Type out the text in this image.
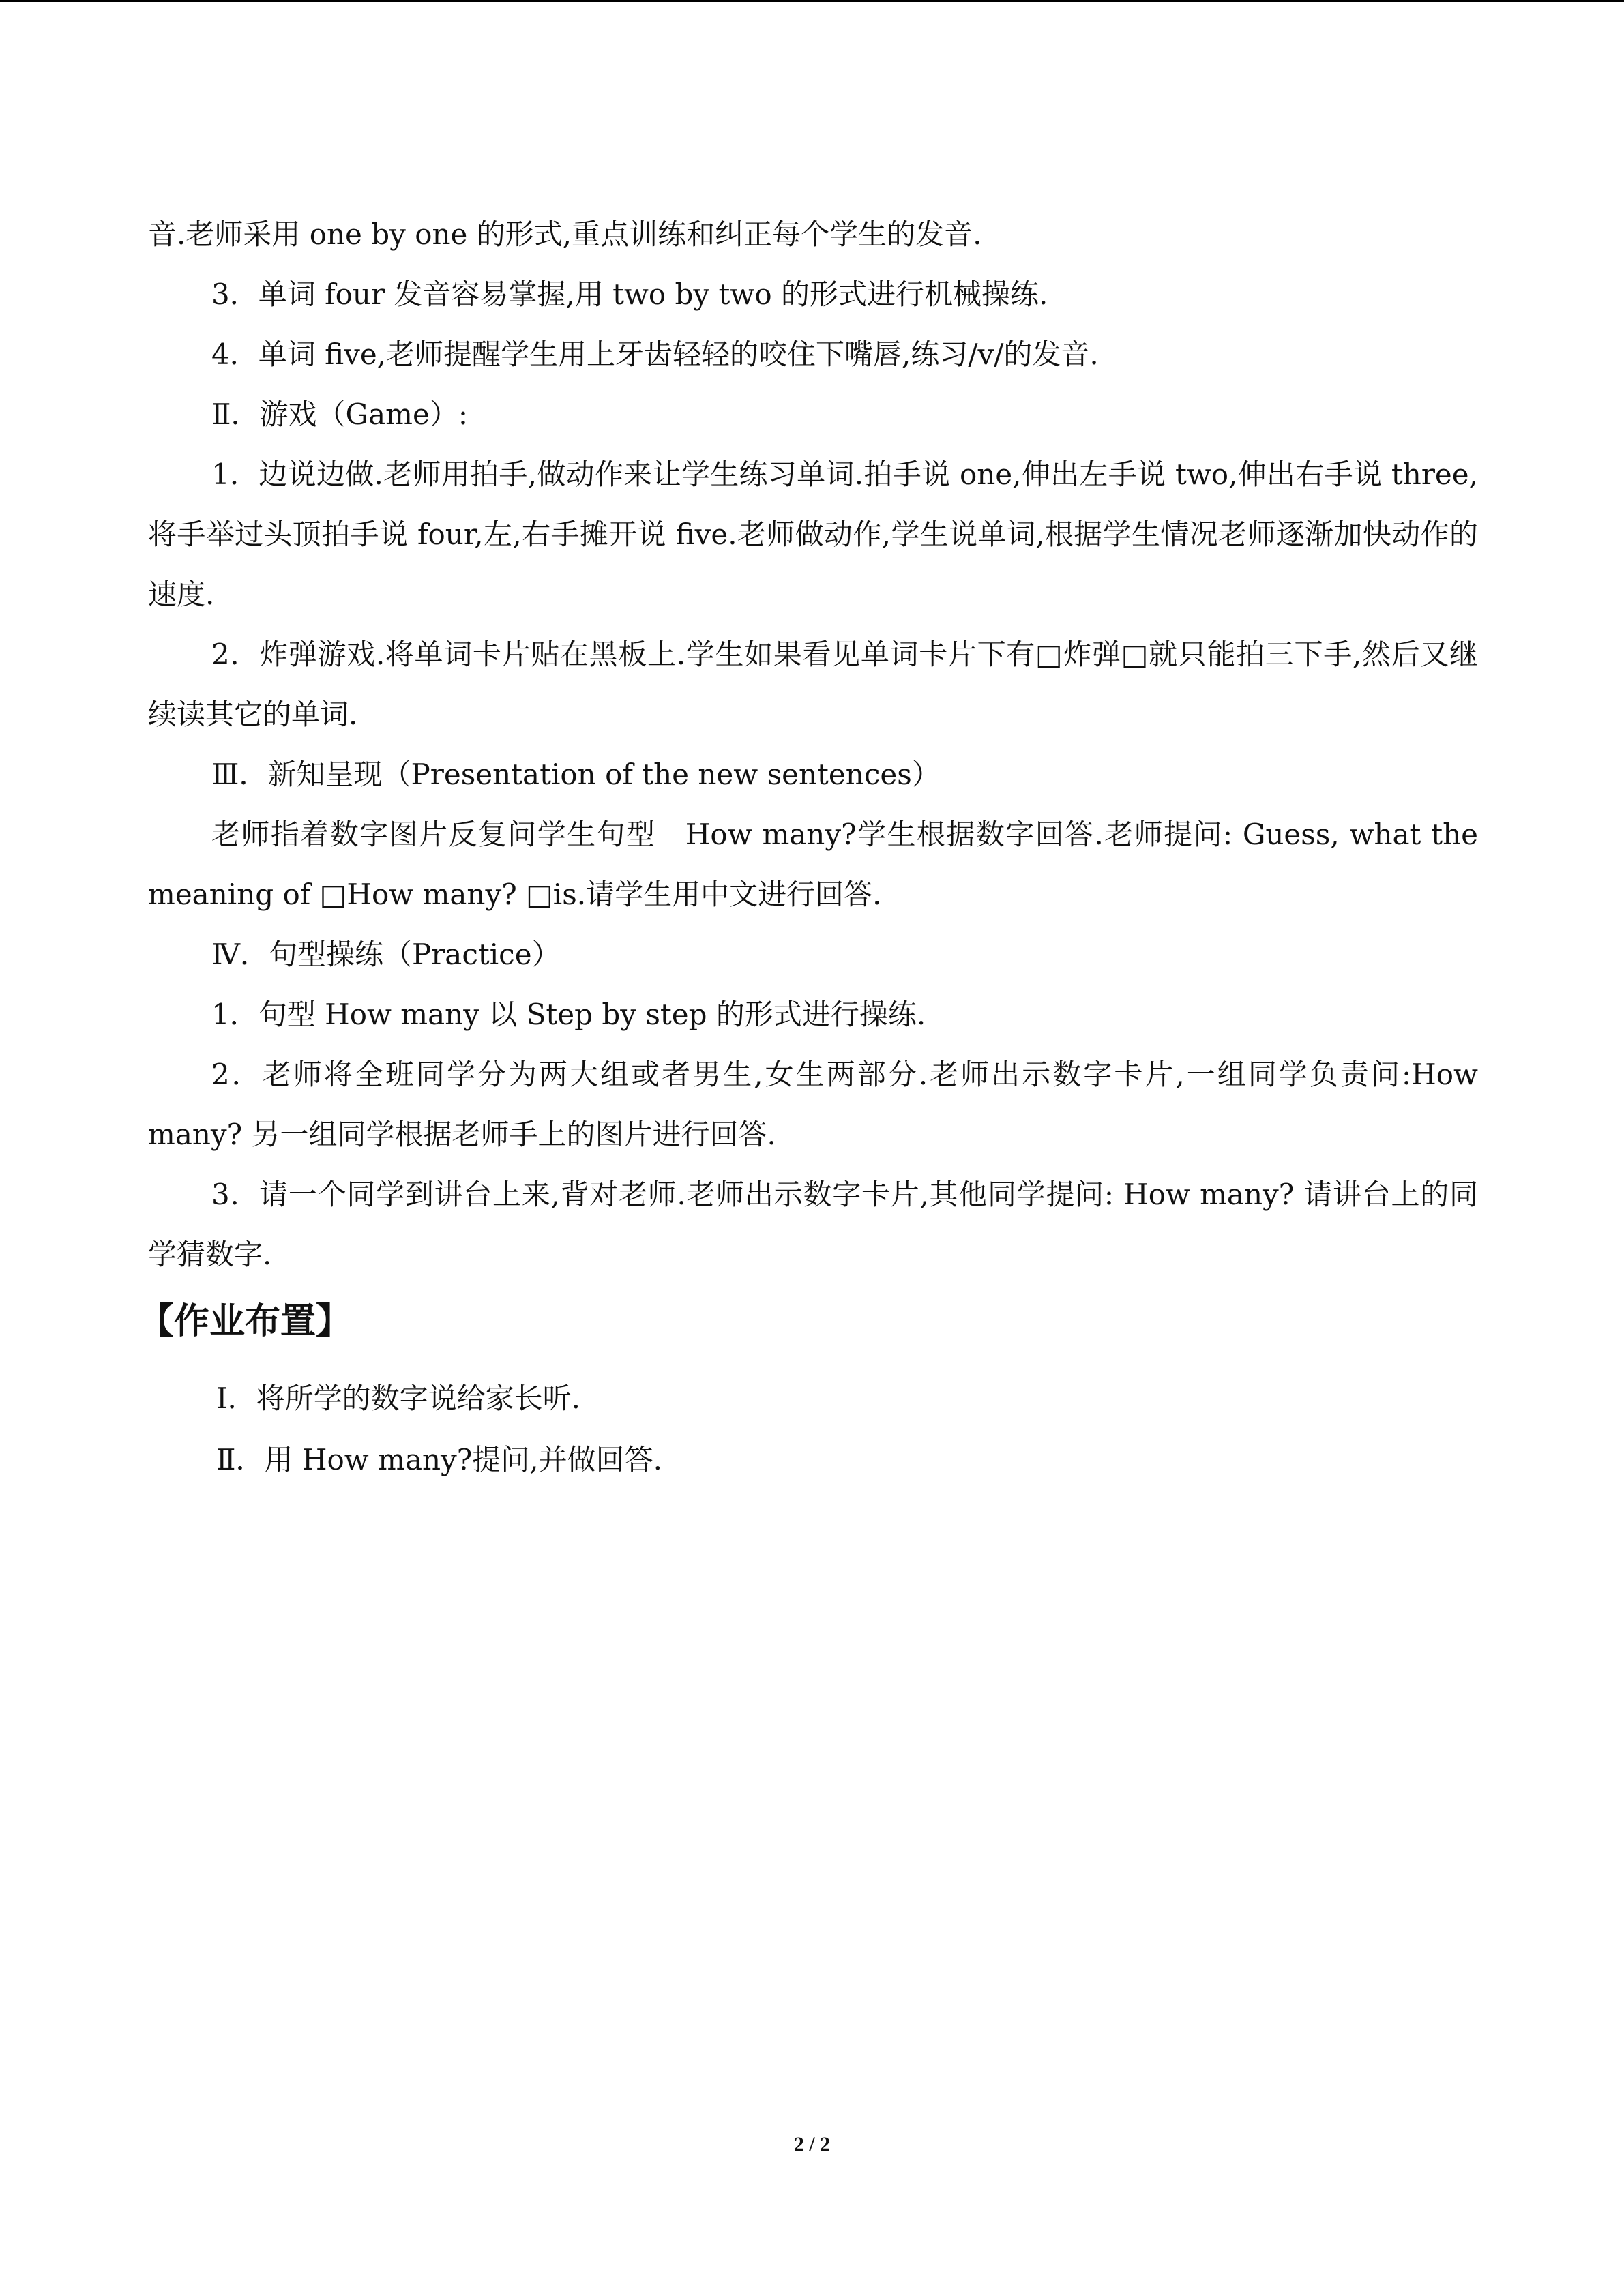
音.老师采用 one by one 的形式,重点训练和纠正每个学生的发音.

3．单词 four 发音容易掌握,用 two by two 的形式进行机械操练.

4．单词 five,老师提醒学生用上牙齿轻轻的咬住下嘴唇,练习/v/的发音.

Ⅱ．游戏（Game）:

1．边说边做.老师用拍手,做动作来让学生练习单词.拍手说 one,伸出左手说 two,伸出右手说 three,将手举过头顶拍手说 four,左,右手摊开说 five.老师做动作,学生说单词,根据学生情况老师逐渐加快动作的速度.

2．炸弹游戏.将单词卡片贴在黑板上.学生如果看见单词卡片下有□炸弹□就只能拍三下手,然后又继续读其它的单词.

Ⅲ．新知呈现（Presentation of the new sentences）

老师指着数字图片反复问学生句型　How many?学生根据数字回答.老师提问: Guess, what the meaning of □How many? □is.请学生用中文进行回答.

Ⅳ．句型操练（Practice）

1．句型 How many 以 Step by step 的形式进行操练.

2．老师将全班同学分为两大组或者男生,女生两部分.老师出示数字卡片,一组同学负责问:How many? 另一组同学根据老师手上的图片进行回答.

3．请一个同学到讲台上来,背对老师.老师出示数字卡片,其他同学提问: How many? 请讲台上的同学猜数字.

【作业布置】

Ⅰ．将所学的数字说给家长听.

Ⅱ．用 How many?提问,并做回答.

2 / 2
